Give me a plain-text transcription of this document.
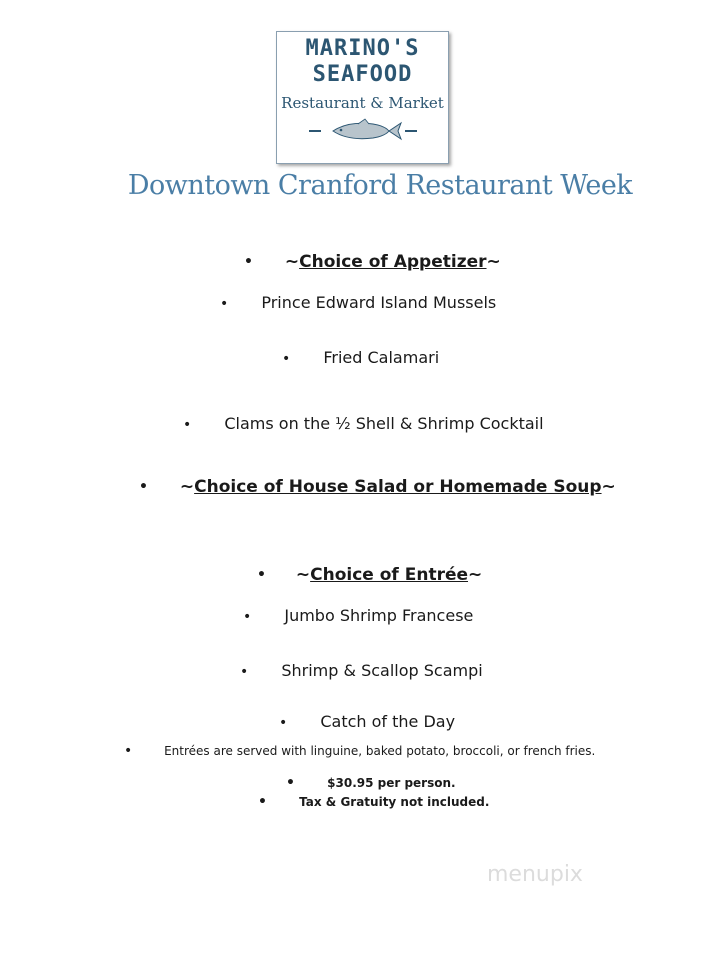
MARINO'S
SEAFOOD
Restaurant & Market
Downtown Cranford Restaurant Week
• ~Choice of Appetizer~
• Prince Edward Island Mussels
• Fried Calamari
• Clams on the ½ Shell & Shrimp Cocktail
• ~Choice of House Salad or Homemade Soup~
• ~Choice of Entrée~
• Jumbo Shrimp Francese
• Shrimp & Scallop Scampi
• Catch of the Day
•	Entrées are served with linguine, baked potato, broccoli, or french fries.
•	$30.95 per person.
•	Tax & Gratuity not included.
menupix
